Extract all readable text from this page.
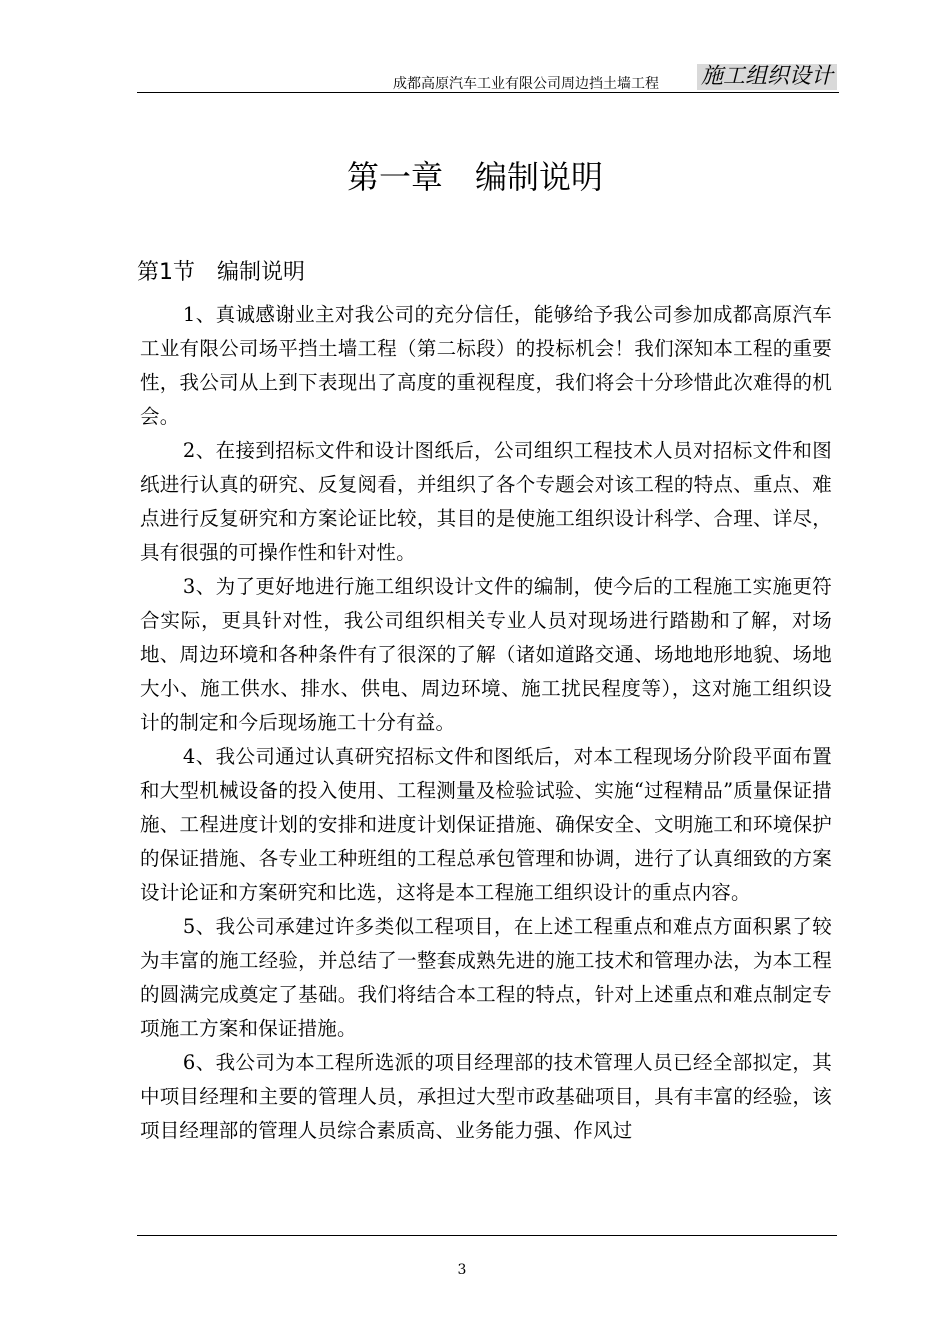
成都高原汽车工业有限公司周边挡土墙工程 施工组织设计
第一章　编制说明
第1节　编制说明

1、真诚感谢业主对我公司的充分信任，能够给予我公司参加成都高原汽车工业有限公司场平挡土墙工程（第二标段）的投标机会！我们深知本工程的重要性，我公司从上到下表现出了高度的重视程度，我们将会十分珍惜此次难得的机会。

2、在接到招标文件和设计图纸后，公司组织工程技术人员对招标文件和图纸进行认真的研究、反复阅看，并组织了各个专题会对该工程的特点、重点、难点进行反复研究和方案论证比较，其目的是使施工组织设计科学、合理、详尽，具有很强的可操作性和针对性。

3、为了更好地进行施工组织设计文件的编制，使今后的工程施工实施更符合实际，更具针对性，我公司组织相关专业人员对现场进行踏勘和了解，对场地、周边环境和各种条件有了很深的了解（诸如道路交通、场地地形地貌、场地大小、施工供水、排水、供电、周边环境、施工扰民程度等），这对施工组织设计的制定和今后现场施工十分有益。

4、我公司通过认真研究招标文件和图纸后，对本工程现场分阶段平面布置和大型机械设备的投入使用、工程测量及检验试验、实施“过程精品”质量保证措施、工程进度计划的安排和进度计划保证措施、确保安全、文明施工和环境保护的保证措施、各专业工种班组的工程总承包管理和协调，进行了认真细致的方案设计论证和方案研究和比选，这将是本工程施工组织设计的重点内容。

5、我公司承建过许多类似工程项目，在上述工程重点和难点方面积累了较为丰富的施工经验，并总结了一整套成熟先进的施工技术和管理办法，为本工程的圆满完成奠定了基础。我们将结合本工程的特点，针对上述重点和难点制定专项施工方案和保证措施。

6、我公司为本工程所选派的项目经理部的技术管理人员已经全部拟定，其中项目经理和主要的管理人员，承担过大型市政基础项目，具有丰富的经验，该项目经理部的管理人员综合素质高、业务能力强、作风过

3
